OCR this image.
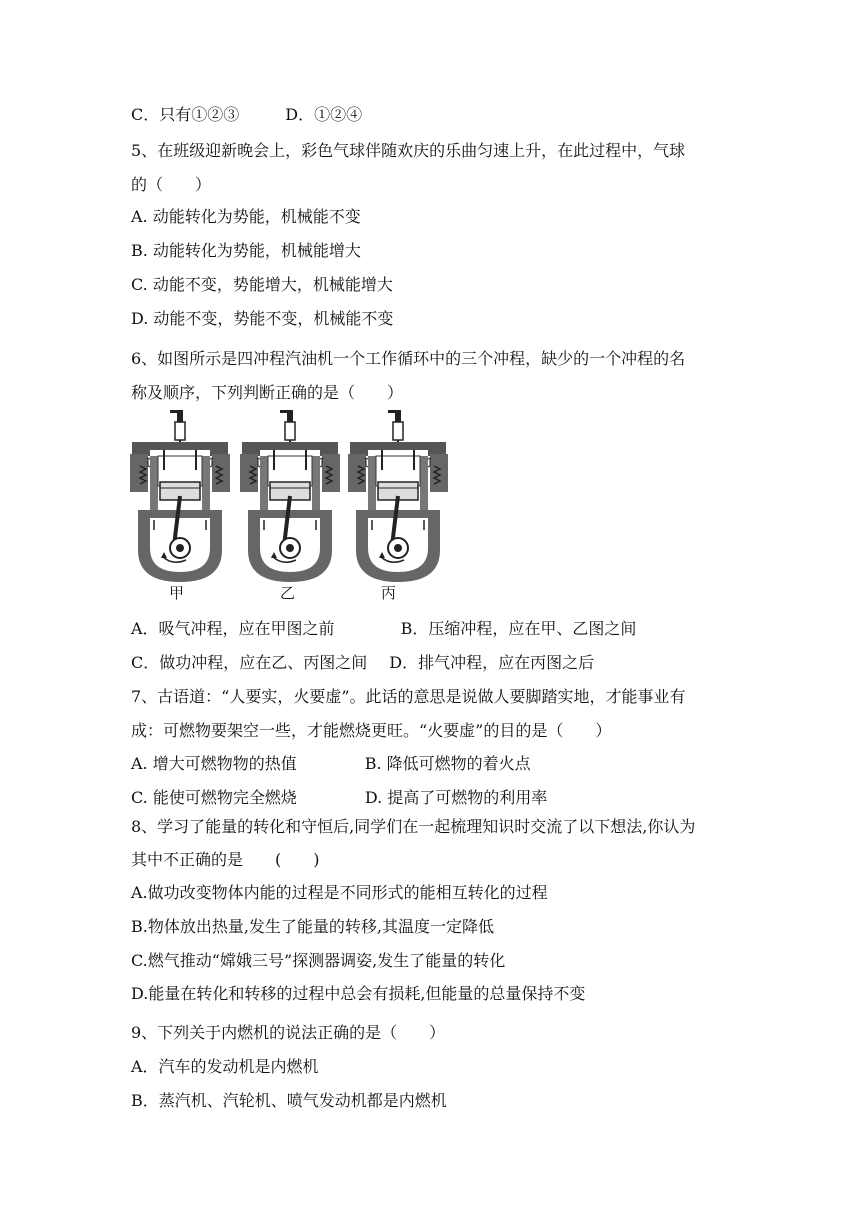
C．只有①②③	D．①②④
5、在班级迎新晚会上，彩色气球伴随欢庆的乐曲匀速上升，在此过程中，气球
的（　　）
A. 动能转化为势能，机械能不变
B. 动能转化为势能，机械能增大
C. 动能不变，势能增大，机械能增大
D. 动能不变，势能不变，机械能不变
6、如图所示是四冲程汽油机一个工作循环中的三个冲程，缺少的一个冲程的名
称及顺序，下列判断正确的是（　　）
甲	乙	丙
A．吸气冲程，应在甲图之前	B．压缩冲程，应在甲、乙图之间
C．做功冲程，应在乙、丙图之间 D．排气冲程，应在丙图之后
7、古语道：“人要实，火要虚”。此话的意思是说做人要脚踏实地，才能事业有
成：可燃物要架空一些，才能燃烧更旺。“火要虚”的目的是（　　）
A. 增大可燃物物的热值	B. 降低可燃物的着火点
C. 能使可燃物完全燃烧	D. 提高了可燃物的利用率
8、学习了能量的转化和守恒后,同学们在一起梳理知识时交流了以下想法,你认为
其中不正确的是　　(　　)
A.做功改变物体内能的过程是不同形式的能相互转化的过程
B.物体放出热量,发生了能量的转移,其温度一定降低
C.燃气推动“嫦娥三号”探测器调姿,发生了能量的转化
D.能量在转化和转移的过程中总会有损耗,但能量的总量保持不变
9、下列关于内燃机的说法正确的是（　　）
A．汽车的发动机是内燃机
B．蒸汽机、汽轮机、喷气发动机都是内燃机
